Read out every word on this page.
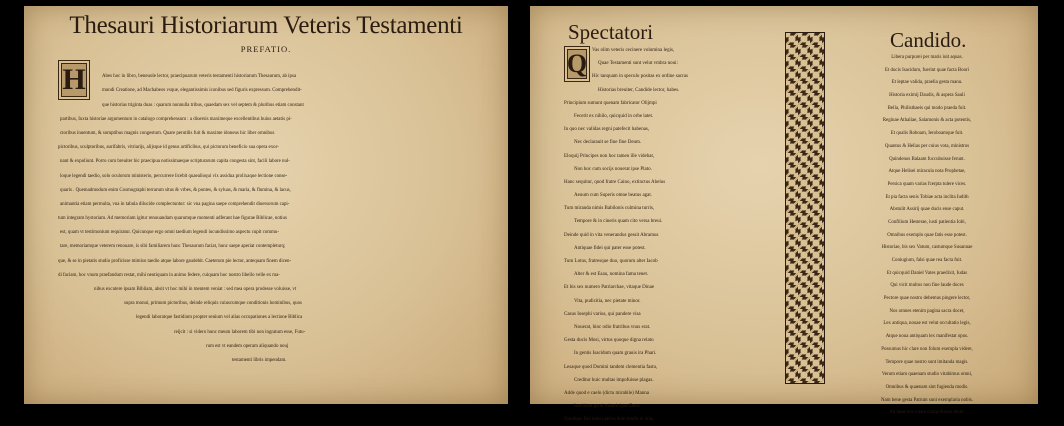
Thesauri Historiarum Veteris Testamenti
PREFATIO.
H	Abes hoc in libro, beneuole lector, praecipuarum veteris testamenti historiarum Thesaurum, ab ipsa
mundi Creatione, ad Machabeos vsque, elegantissimis iconibus sed figuris expressum. Comprehendit-
que historias triginta duas : quarum nonnulla tribus, quaedam sex vel septem & pluribus etiam constant
partibus, Iuxta historiae argumentum in catalogo comprehensum : a diuersis maximeque excellentibus huius aetatis pi-
ctoribus inuentum, & sumptibus magnis congestum. Quare perutilis fuit & maxime idoneus hic liber omnibus
pictoribus, sculptoribus, aurifabris, vitriarijs, alijsque id genus artificibus, qui pictorum beneficio sua opera exor-
nant & expoliunt. Porro cum breuiter hic praecipua notissimaeque scripturarum capita congesta sint, facili labore nul-
loque legendi taedio, solo oculorum ministerio, percurrere licebit quaealioqui vix assidua prolixaque lectione conse-
quaris . Quemadmodum enim Cosmographi terrarum situs & vrbes, & pontes, & syluas, & maria, & flumina, & lacus,
animantia etiam permulta, vna in tabula dilucide complectuntur: sic vna pagina saepe comprehendit diuersorum capi-
tum integram hystoriam. Ad memoriam igitur renouandam quarumque momenti adferant hae figurae Biblicae, notius
est, quam vt testimonium requiratur. Quicunque ergo omni taedium legendi iucundissimo aspectu cupit commu-
tare, memoriamque veterem renouare, is sibi familiarem hunc Thesaurum faciat, hunc saepe aperiat contempleturq;
que, & se in pietatis studio proficisse mimiso taedio atque labore gaudebit. Caeterum pie lector, antequam finem dicen-
di faciam, hoc vnum praefandum restat, mihi neutiquam in animo federe, cuiquam hoc nostro libello velle ex ma-
nibus excutere ipsam Bibliam, absit vt hoc mihi in mentem veniat : sed mea opera prodesse voluisse, vt
supra monui, primum pictoribus, deinde reliquis cuiuscumque conditionis hominibus, quos
legendi laboratque fastidium propter senium vel alias occupationes a lectione Biblica
reijcit : si videro hunc meum laborem tibi non ingratum esse, Futu-
rum est vt eandem operam aliquando nouj
testamenti libris impendam.
Spectatori	Candido.
Q Vas olim veteris cecinere volumina legis,
Quae Testamenti sunt velut vmbra noui:
Hic tanquam in speculo positas ex ordine sacras
Historias breuiter, Candide lector, habes.
Principium sumunt quenam fabricator Olijmpi
Fecerit ex nihilo, quicquid in orbe latet.
In quo nec validas regni patefecit habenas,
Nec declarauit se fine fine Deum.
Eloquij Principes non hoc tamen ille videbat,
Non hoc cum socijs nouerat ipse Plato.
Hanc sequitur, quod fratre Caino, extinctus Abelus
Aeuum cum Superis omne beatus agat.
Tum miranda nimis Babilonis culmina turris,
Tempore & in cineris quam cito versa breui.
Deinde quid in vita venerandus gessit Abramus
Antiquae fidei qui pater esse potest.
Tum Lotus, fratresque duo, quorum alter Iacob
Alter & est Esau, nomina fama tenet.
Et bis sex numero Patriarchae, vitaque Dinae
Vita, pudicitia, nec pietate minor.
Casus Iosephi varius, qui pandere visa
Nouerat, hinc odio fratribus vnus erat.
Gesta ducis Mosi, virtus quoque digna relatu
In gentis Isacidum quam grauis ira Phari.
Lesaque quod Domini tandem clementia fastu,
Creditur huic multas impofuisse plagas.
Adde quod e caelo (dictu mirabile) Manna
Isacidum genti miserit ipse Deus.
Quodque Dei nutu patrias dum tendit in oras,
Libera purpurei per maris iuit aquas.
Et ducis Isacidum, fuerint quae facta Boori
Et leptae valida, praelia gesta manu.
Historia eximij Daudis, & aspera Sauli
Bella, Philisthaeis qui modo praeda fuit.
Reginae Athaliae, Salamonis & acta potentis,
Et qualis Roboam, Ieroboamque fuit.
Quantus & Helias per cuius vota, ministros
Quindenos Balaam fuccubuisse ferunt.
Atque Helisei miracula nota Prophetae,
Persica quam varias fcerpta tulere vices.
Et pia facta senis Tobiae acta inclita Iudith
Abstulit Assirij quae ducis ense caput.
Confilium Hesterae, iusti patientia Iobi,
Omnibus exemplo quae fatis esse potest.
Historiae, bis sex Vatum, castumque Susannae
Coniugium, falsi quae rea facta fuit.
Et quicquid Daniel Vates praedixit, Iudas
Qui vicit multos non fine laude duces
Pectore quae nostro debemus pingere lector,
Nos omnes etenim pagina sacra docet,
Lex antiqua, nouae est velut occultatio legis,
Atque noua antiquam lex manifestat opus.
Possumus hic clare non folum exempla videre,
Tempore quae nostro sunt imitanda magis.
Verum etiam quaenam studio vitabimus omni,
Omnibus & quaenam sint fugienda modis.
Nam bene gesta Patrum sunt exemplaria nobis.
Ad quae nos vitam compofuisse decet.
